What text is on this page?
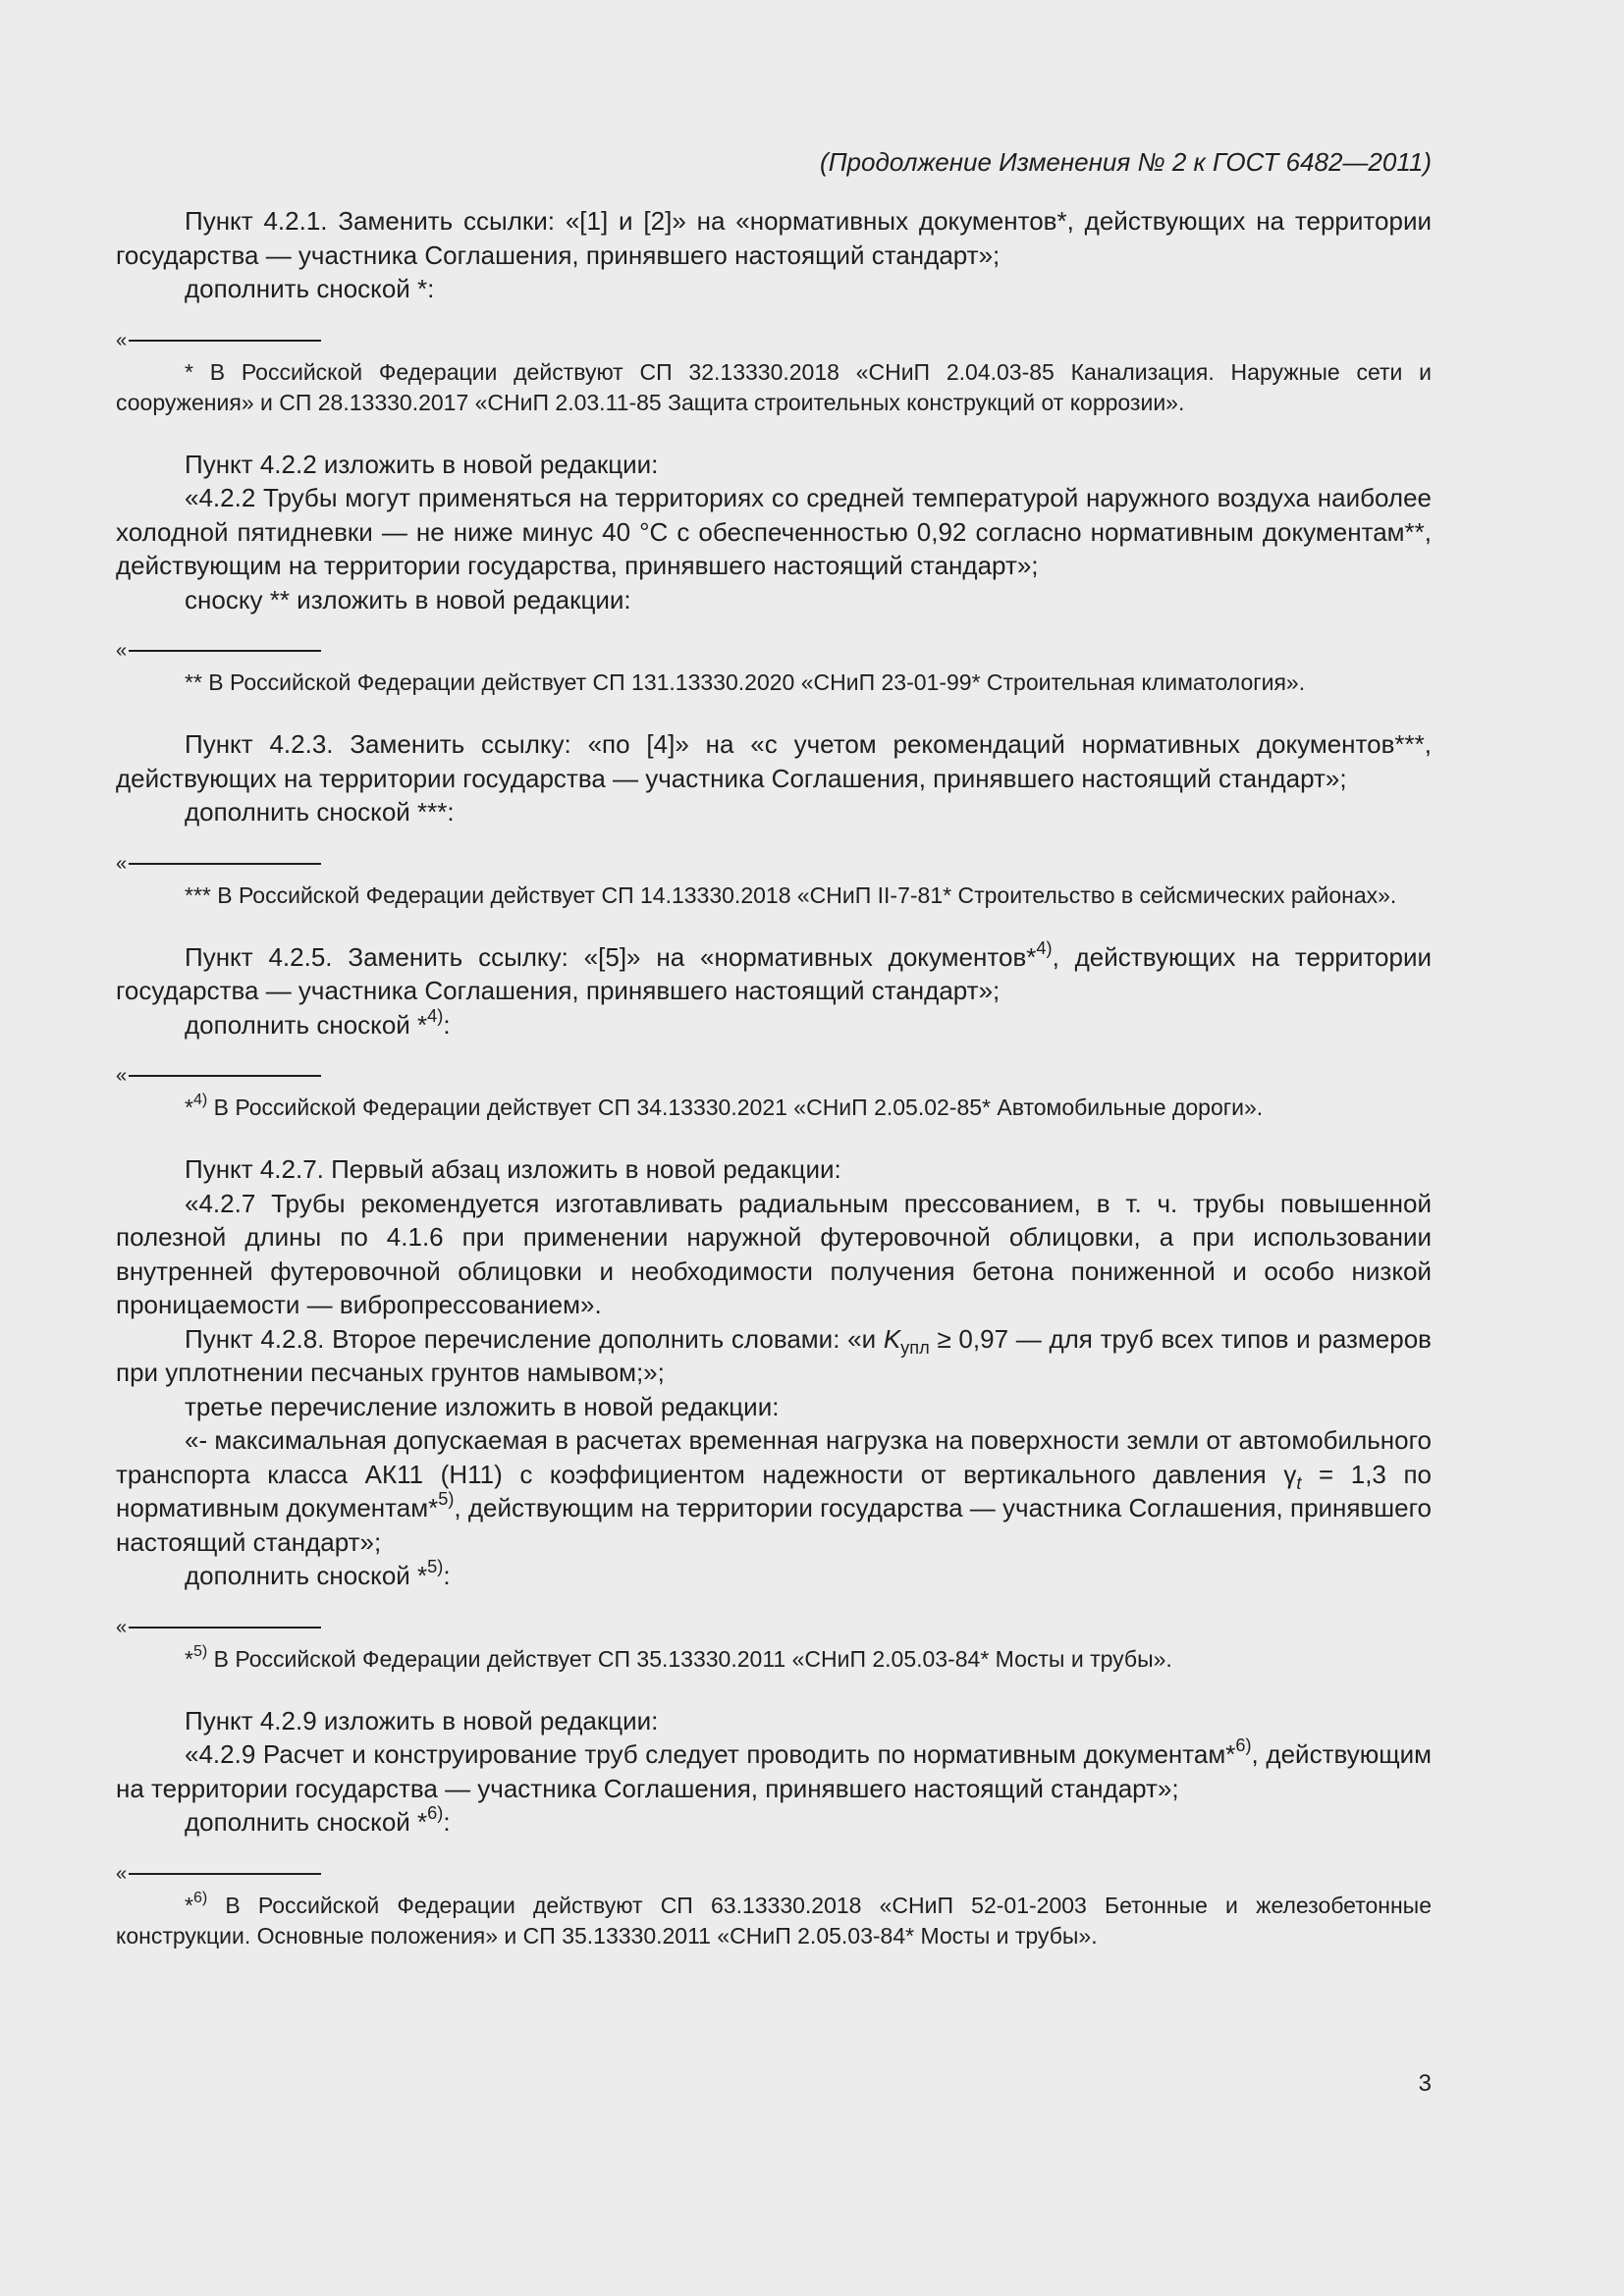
(Продолжение Изменения № 2 к ГОСТ 6482—2011)

Пункт 4.2.1. Заменить ссылки: «[1] и [2]» на «нормативных документов*, действующих на территории государства — участника Соглашения, принявшего настоящий стандарт»;

дополнить сноской *:

«

* В Российской Федерации действуют СП 32.13330.2018 «СНиП 2.04.03-85 Канализация. Наружные сети и сооружения» и СП 28.13330.2017 «СНиП 2.03.11-85 Защита строительных конструкций от коррозии».

Пункт 4.2.2 изложить в новой редакции:

«4.2.2 Трубы могут применяться на территориях со средней температурой наружного воздуха наиболее холодной пятидневки — не ниже минус 40 °С с обеспеченностью 0,92 согласно нормативным документам**, действующим на территории государства, принявшего настоящий стандарт»;

сноску ** изложить в новой редакции:

«

** В Российской Федерации действует СП 131.13330.2020 «СНиП 23-01-99* Строительная климатология».

Пункт 4.2.3. Заменить ссылку: «по [4]» на «с учетом рекомендаций нормативных документов***, действующих на территории государства — участника Соглашения, принявшего настоящий стандарт»;

дополнить сноской ***:

«

*** В Российской Федерации действует СП 14.13330.2018 «СНиП II-7-81* Строительство в сейсмических районах».

Пункт 4.2.5. Заменить ссылку: «[5]» на «нормативных документов*$^{4)}$, действующих на территории государства — участника Соглашения, принявшего настоящий стандарт»;

дополнить сноской *$^{4)}$:

«

*$^{4)}$ В Российской Федерации действует СП 34.13330.2021 «СНиП 2.05.02-85* Автомобильные дороги».

Пункт 4.2.7. Первый абзац изложить в новой редакции:

«4.2.7 Трубы рекомендуется изготавливать радиальным прессованием, в т. ч. трубы повышенной полезной длины по 4.1.6 при применении наружной футеровочной облицовки, а при использовании внутренней футеровочной облицовки и необходимости получения бетона пониженной и особо низкой проницаемости — вибропрессованием».

Пункт 4.2.8. Второе перечисление дополнить словами: «и $K_{упл} \ge 0,97$ — для труб всех типов и размеров при уплотнении песчаных грунтов намывом;»;

третье перечисление изложить в новой редакции:

«- максимальная допускаемая в расчетах временная нагрузка на поверхности земли от автомобильного транспорта класса АК11 (Н11) с коэффициентом надежности от вертикального давления $\gamma_t = 1,3$ по нормативным документам*$^{5)}$, действующим на территории государства — участника Соглашения, принявшего настоящий стандарт»;

дополнить сноской *$^{5)}$:

«

*$^{5)}$ В Российской Федерации действует СП 35.13330.2011 «СНиП 2.05.03-84* Мосты и трубы».

Пункт 4.2.9 изложить в новой редакции:

«4.2.9 Расчет и конструирование труб следует проводить по нормативным документам*$^{6)}$, действующим на территории государства — участника Соглашения, принявшего настоящий стандарт»;

дополнить сноской *$^{6)}$:

«

*$^{6)}$ В Российской Федерации действуют СП 63.13330.2018 «СНиП 52-01-2003 Бетонные и железобетонные конструкции. Основные положения» и СП 35.13330.2011 «СНиП 2.05.03-84* Мосты и трубы».

3
